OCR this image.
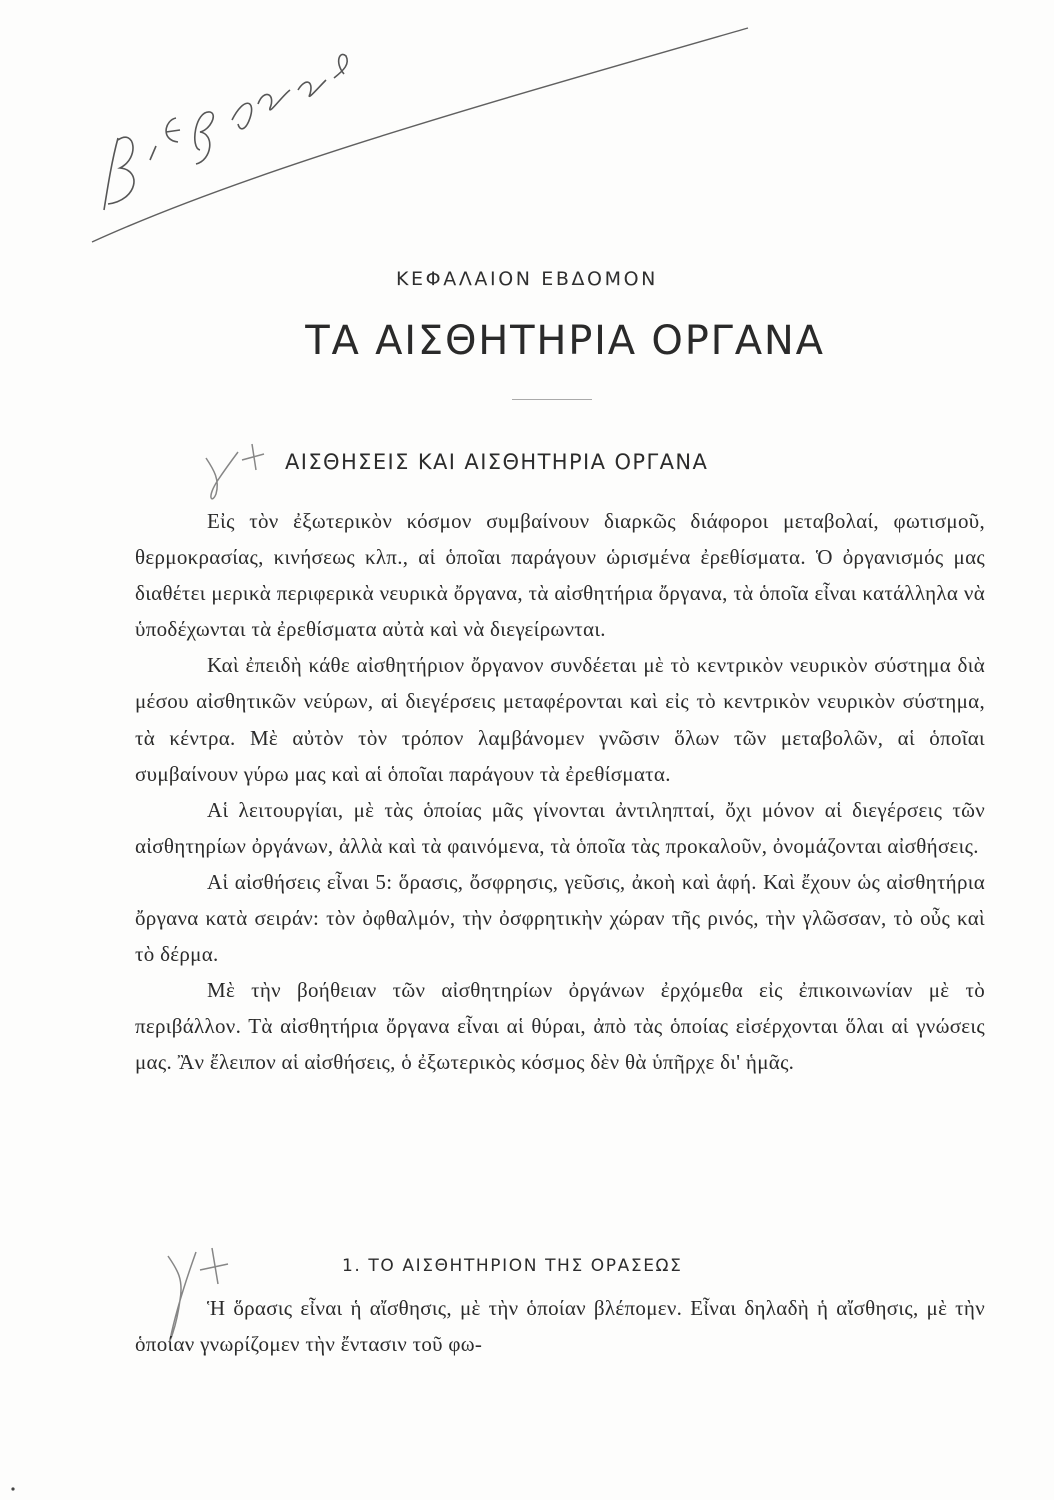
ΚΕΦΑΛΑΙΟΝ ΕΒΔΟΜΟΝ
ΤΑ ΑΙΣΘΗΤΗΡΙΑ ΟΡΓΑΝΑ
ΑΙΣΘΗΣΕΙΣ ΚΑΙ ΑΙΣΘΗΤΗΡΙΑ ΟΡΓΑΝΑ

Εἰς τὸν ἐξωτερικὸν κόσμον συμβαίνουν διαρκῶς διάφοροι μεταβολαί, φωτισμοῦ, θερμοκρασίας, κινήσεως κλπ., αἱ ὁποῖαι παράγουν ὡρισμένα ἐρεθίσματα. Ὁ ὀργανισμός μας διαθέτει μερικὰ περιφερικὰ νευρικὰ ὄργανα, τὰ αἰσθητήρια ὄργανα, τὰ ὁποῖα εἶναι κατάλληλα νὰ ὑποδέχωνται τὰ ἐρεθίσματα αὐτὰ καὶ νὰ διεγείρωνται.

Καὶ ἐπειδὴ κάθε αἰσθητήριον ὄργανον συνδέεται μὲ τὸ κεντρικὸν νευρικὸν σύστημα διὰ μέσου αἰσθητικῶν νεύρων, αἱ διεγέρσεις μεταφέρονται καὶ εἰς τὸ κεντρικὸν νευρικὸν σύστημα, τὰ κέντρα. Μὲ αὐτὸν τὸν τρόπον λαμβάνομεν γνῶσιν ὅλων τῶν μεταβολῶν, αἱ ὁποῖαι συμβαίνουν γύρω μας καὶ αἱ ὁποῖαι παράγουν τὰ ἐρεθίσματα.

Αἱ λειτουργίαι, μὲ τὰς ὁποίας μᾶς γίνονται ἀντιληπταί, ὄχι μόνον αἱ διεγέρσεις τῶν αἰσθητηρίων ὀργάνων, ἀλλὰ καὶ τὰ φαινόμενα, τὰ ὁποῖα τὰς προκαλοῦν, ὀνομάζονται αἰσθήσεις.

Αἱ αἰσθήσεις εἶναι 5: ὅρασις, ὄσφρησις, γεῦσις, ἀκοὴ καὶ ἁφή. Καὶ ἔχουν ὡς αἰσθητήρια ὄργανα κατὰ σειράν: τὸν ὀφθαλμόν, τὴν ὀσφρητικὴν χώραν τῆς ρινός, τὴν γλῶσσαν, τὸ οὖς καὶ τὸ δέρμα.

Μὲ τὴν βοήθειαν τῶν αἰσθητηρίων ὀργάνων ἐρχόμεθα εἰς ἐπικοινωνίαν μὲ τὸ περιβάλλον. Τὰ αἰσθητήρια ὄργανα εἶναι αἱ θύραι, ἀπὸ τὰς ὁποίας εἰσέρχονται ὅλαι αἱ γνώσεις μας. Ἂν ἔλειπον αἱ αἰσθήσεις, ὁ ἐξωτερικὸς κόσμος δὲν θὰ ὑπῆρχε δι' ἡμᾶς.

1. ΤΟ ΑΙΣΘΗΤΗΡΙΟΝ ΤΗΣ ΟΡΑΣΕΩΣ

Ἡ ὅρασις εἶναι ἡ αἴσθησις, μὲ τὴν ὁποίαν βλέπομεν. Εἶναι δηλαδὴ ἡ αἴσθησις, μὲ τὴν ὁποίαν γνωρίζομεν τὴν ἔντασιν τοῦ φω-
